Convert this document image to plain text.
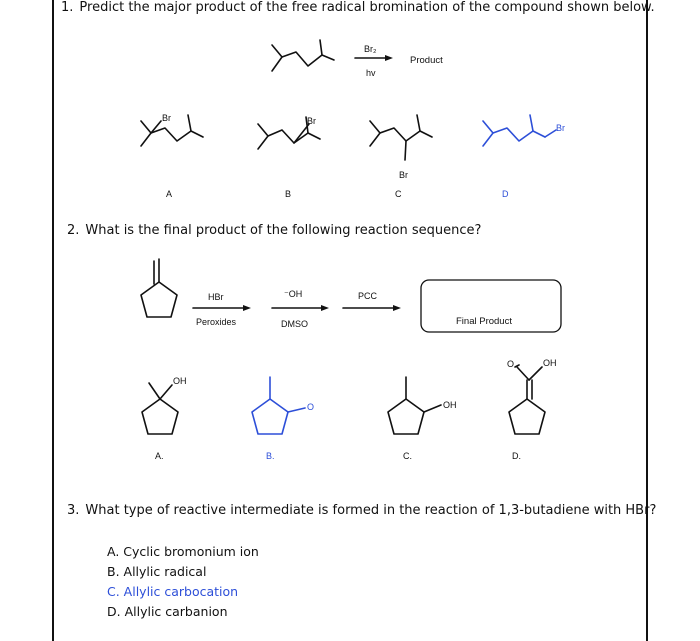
1. Predict the major product of the free radical bromination of the compound shown below.
2. What is the final product of the following reaction sequence?
3. What type of reactive intermediate is formed in the reaction of 1,3-butadiene with HBr?
A. Cyclic bromonium ion
B. Allylic radical
C. Allylic carbocation
D. Allylic carbanion
Br₂
hv
Product
Br	Br
Br
Br
A	B	C	D
HBr
Peroxides
⁻OH
DMSO
PCC
Final Product
OH
O	OH
OH
O
A.	B.	C.	D.
